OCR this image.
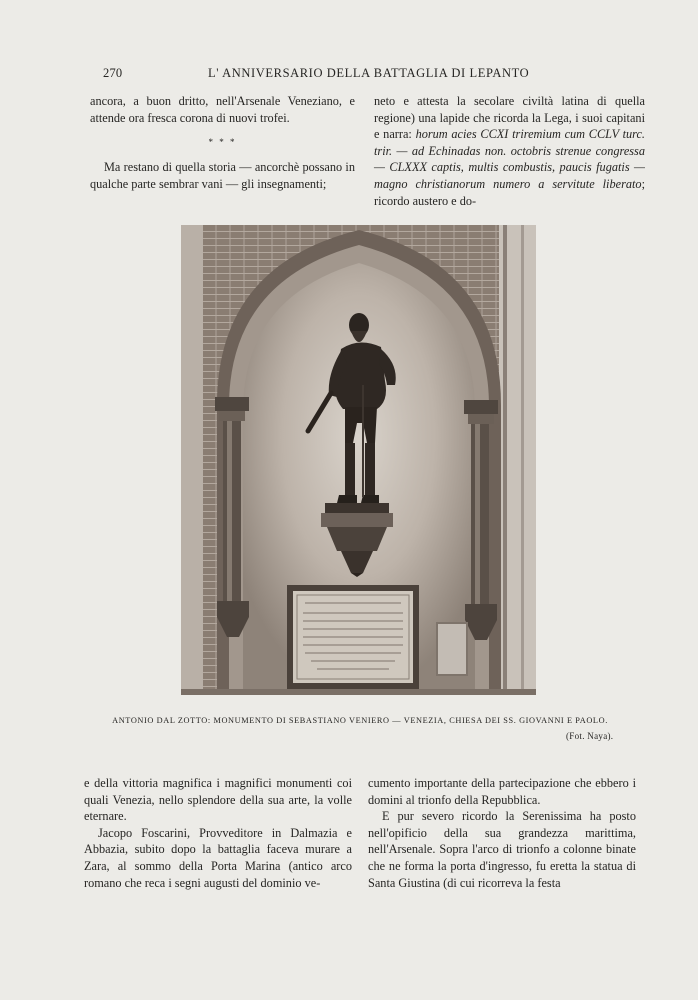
270	L' ANNIVERSARIO DELLA BATTAGLIA DI LEPANTO

ancora, a buon dritto, nell'Arsenale Veneziano, e attende ora fresca corona di nuovi trofei.

* * *

Ma restano di quella storia — ancorchè possano in qualche parte sembrar vani — gli insegnamenti;

neto e attesta la secolare civiltà latina di quella regione) una lapide che ricorda la Lega, i suoi capitani e narra: horum acies CCXI triremium cum CCLV turc. trir. — ad Echinadas non. octobris strenue congressa — CLXXX captis, multis combustis, paucis fugatis — magno christianorum numero a servitute liberato; ricordo austero e do-

ANTONIO DAL ZOTTO: MONUMENTO DI SEBASTIANO VENIERO — VENEZIA, CHIESA DEI SS. GIOVANNI E PAOLO.
(Fot. Naya).

e della vittoria magnifica i magnifici monumenti coi quali Venezia, nello splendore della sua arte, la volle eternare.

Jacopo Foscarini, Provveditore in Dalmazia e Abbazia, subito dopo la battaglia faceva murare a Zara, al sommo della Porta Marina (antico arco romano che reca i segni augusti del dominio ve-

cumento importante della partecipazione che ebbero i domini al trionfo della Repubblica.

E pur severo ricordo la Serenissima ha posto nell'opificio della sua grandezza marittima, nell'Arsenale. Sopra l'arco di trionfo a colonne binate che ne forma la porta d'ingresso, fu eretta la statua di Santa Giustina (di cui ricorreva la festa
